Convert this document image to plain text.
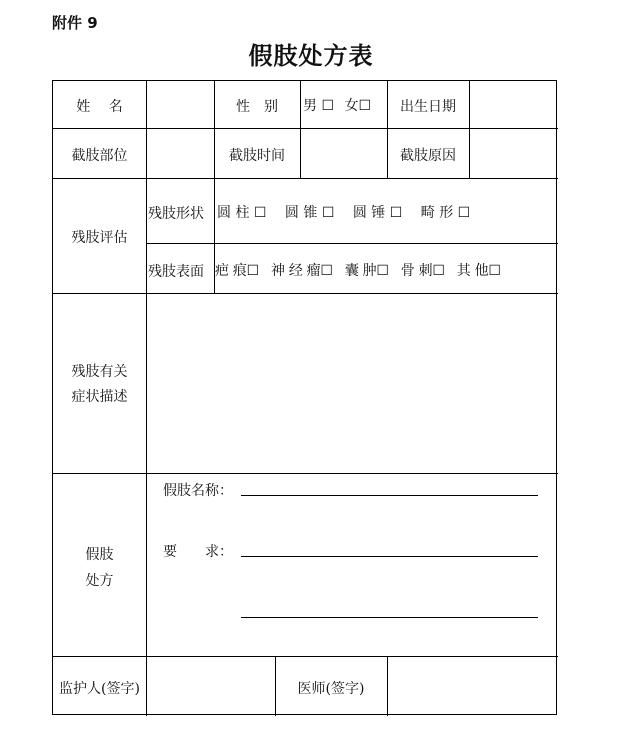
附件 9
假肢处方表
姓　 名	性　别	男 ☐ 女☐	出生日期
截肢部位	截肢时间	截肢原因
残肢评估
残肢形状 圆 柱 ☐ 圆 锥 ☐ 圆 锤 ☐ 畸 形 ☐
残肢表面 疤 痕☐ 神 经 瘤☐ 囊 肿☐ 骨 刺☐ 其 他☐
残肢有关
症状描述
假肢
处方
假肢名称：
要　　求：
监护人(签字)	医师(签字)
